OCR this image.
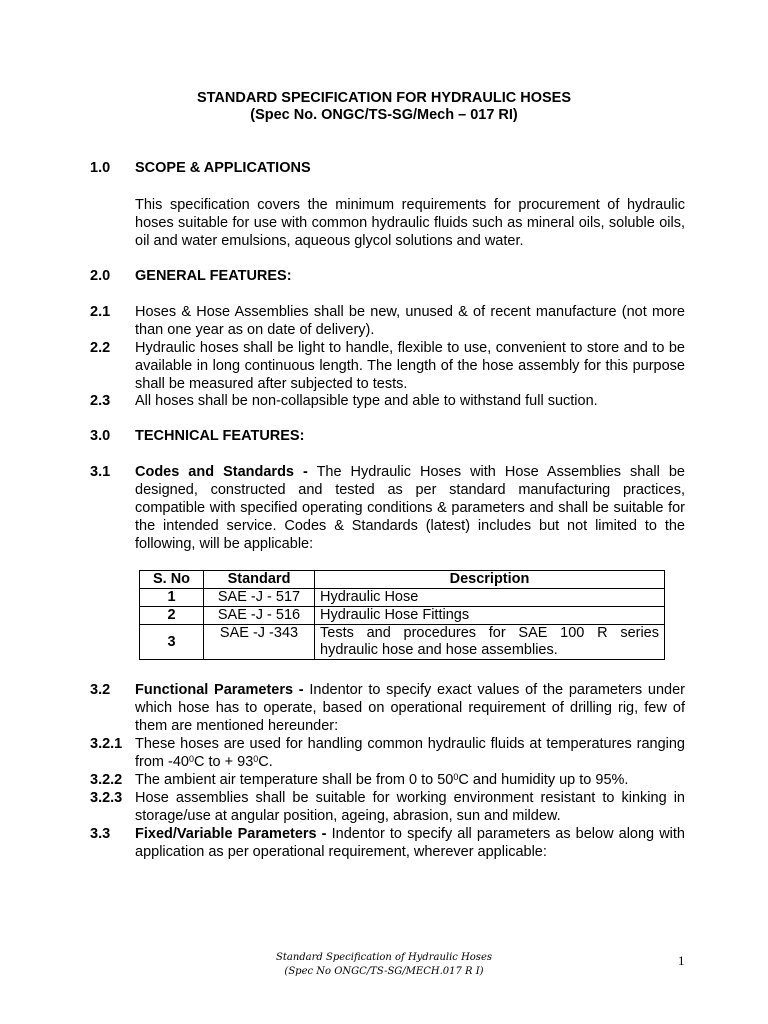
STANDARD SPECIFICATION FOR HYDRAULIC HOSES
(Spec No. ONGC/TS-SG/Mech – 017 RI)
1.0	SCOPE & APPLICATIONS
This specification covers the minimum requirements for procurement of hydraulic hoses suitable for use with common hydraulic fluids such as mineral oils, soluble oils, oil and water emulsions, aqueous glycol solutions and water.
2.0	GENERAL FEATURES:
2.1 Hoses & Hose Assemblies shall be new, unused & of recent manufacture (not more than one year as on date of delivery).
2.2 Hydraulic hoses shall be light to handle, flexible to use, convenient to store and to be available in long continuous length. The length of the hose assembly for this purpose shall be measured after subjected to tests.
2.3 All hoses shall be non-collapsible type and able to withstand full suction.
3.0	TECHNICAL FEATURES:
3.1 Codes and Standards - The Hydraulic Hoses with Hose Assemblies shall be designed, constructed and tested as per standard manufacturing practices, compatible with specified operating conditions & parameters and shall be suitable for the intended service. Codes & Standards (latest) includes but not limited to the following, will be applicable:
S. No	Standard	Description
1	SAE -J - 517	Hydraulic Hose
2	SAE -J - 516	Hydraulic Hose Fittings
3	SAE -J -343	Tests and procedures for SAE 100 R series hydraulic hose and hose assemblies.
3.2 Functional Parameters - Indentor to specify exact values of the parameters under which hose has to operate, based on operational requirement of drilling rig, few of them are mentioned hereunder:
3.2.1 These hoses are used for handling common hydraulic fluids at temperatures ranging from $-40^0C$ to + $93^0C$.
3.2.2 The ambient air temperature shall be from 0 to $50^0C$ and humidity up to 95%.
3.2.3 Hose assemblies shall be suitable for working environment resistant to kinking in storage/use at angular position, ageing, abrasion, sun and mildew.
3.3 Fixed/Variable Parameters - Indentor to specify all parameters as below along with application as per operational requirement, wherever applicable:
Standard Specification of Hydraulic Hoses
(Spec No ONGC/TS-SG/MECH.017 R I)
1
